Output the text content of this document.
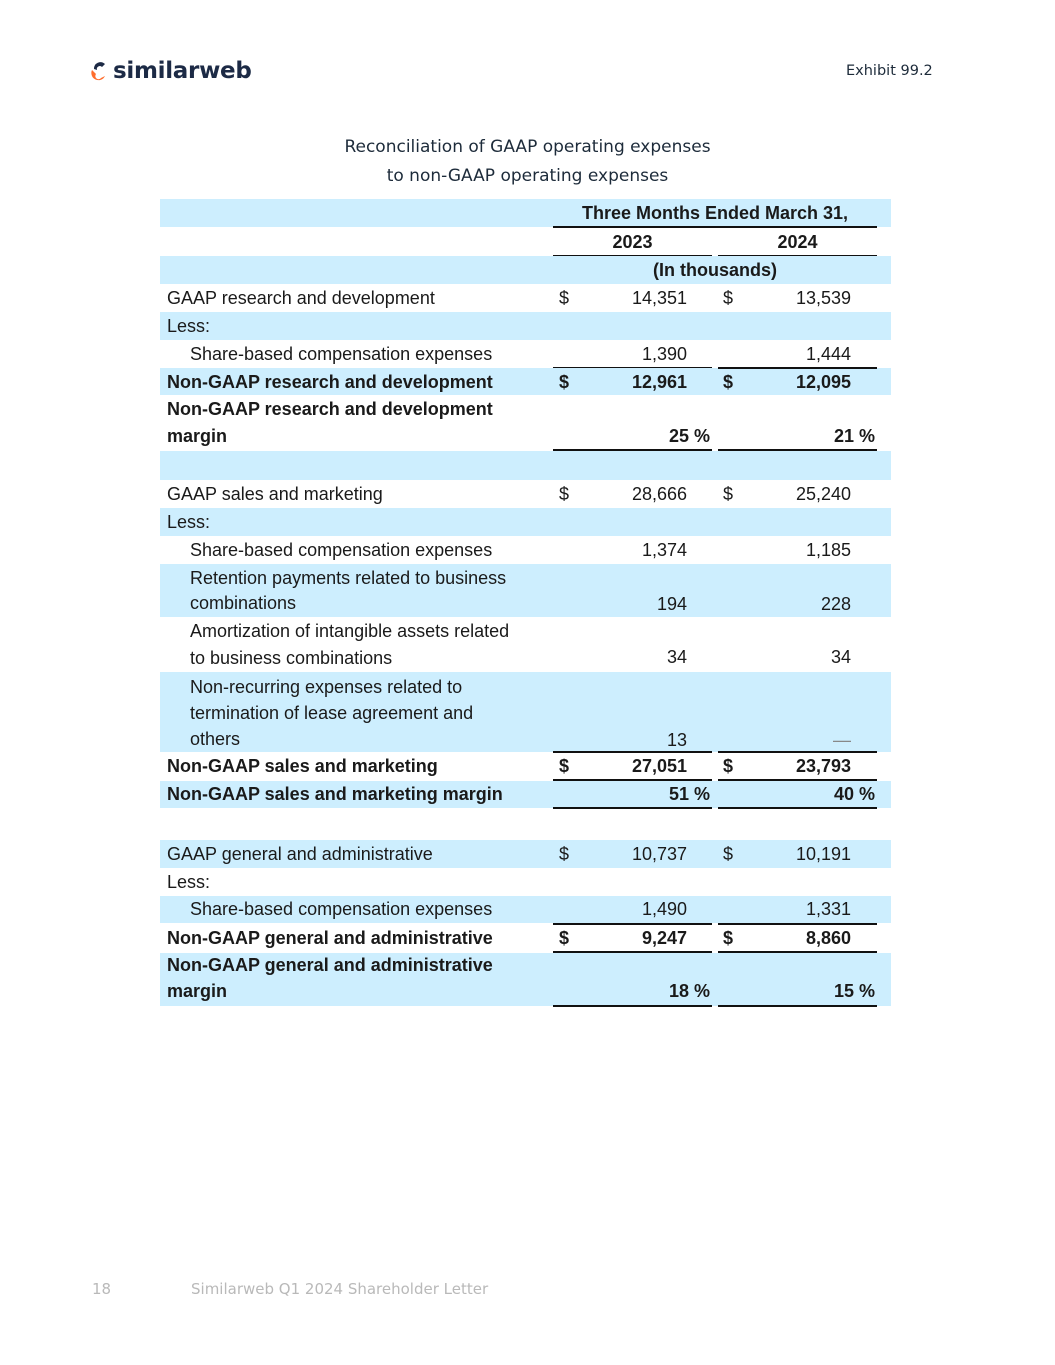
similarweb	Exhibit 99.2
Reconciliation of GAAP operating expenses
to non-GAAP operating expenses
Three Months Ended March 31,
2023	2024
(In thousands)
GAAP research and development	$	14,351 $	13,539
Less:
Share-based compensation expenses	1,390	1,444
Non-GAAP research and development	$	12,961 $	12,095
Non-GAAP research and development
margin	25 %	21 %
GAAP sales and marketing	$	28,666 $	25,240
Less:
Share-based compensation expenses	1,374	1,185
Retention payments related to business
combinations	194	228
Amortization of intangible assets related
to business combinations	34	34
Non-recurring expenses related to
termination of lease agreement and
others	13	—
Non-GAAP sales and marketing	$	27,051 $	23,793
Non-GAAP sales and marketing margin	51 %	40 %
GAAP general and administrative	$	10,737 $	10,191
Less:
Share-based compensation expenses	1,490	1,331
Non-GAAP general and administrative	$	9,247 $	8,860
Non-GAAP general and administrative
margin	18 %	15 %
18	Similarweb Q1 2024 Shareholder Letter
